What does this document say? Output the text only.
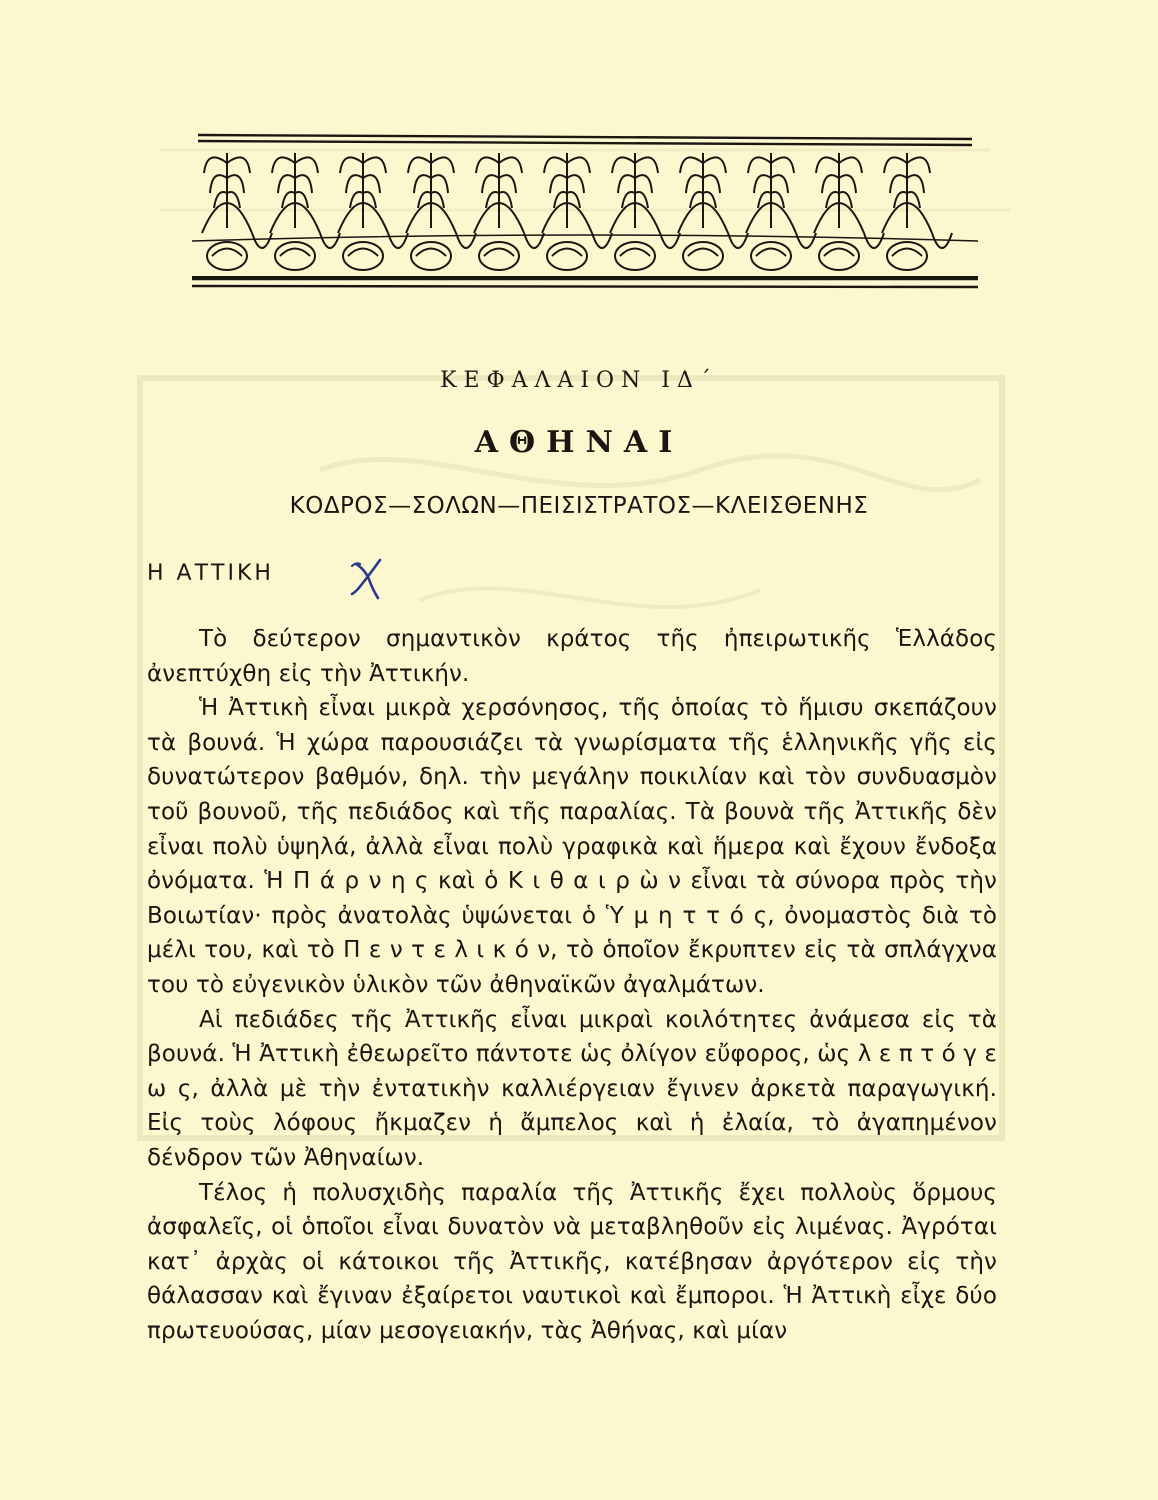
ΚΕΦΑΛΑΙΟΝ ΙΔ΄
ΑΘΗΝΑΙ
ΚΟΔΡΟΣ—ΣΟΛΩΝ—ΠΕΙΣΙΣΤΡΑΤΟΣ—ΚΛΕΙΣΘΕΝΗΣ
Η ΑΤΤΙΚΗ

Τὸ δεύτερον σημαντικὸν κράτος τῆς ἠπειρωτικῆς Ἑλλάδος ἀνεπτύχθη εἰς τὴν Ἀττικήν.

Ἡ Ἀττικὴ εἶναι μικρὰ χερσόνησος, τῆς ὁποίας τὸ ἥμισυ σκεπάζουν τὰ βουνά. Ἡ χώρα παρουσιάζει τὰ γνωρίσματα τῆς ἑλληνικῆς γῆς εἰς δυνατώτερον βαθμόν, δηλ. τὴν μεγάλην ποικιλίαν καὶ τὸν συνδυασμὸν τοῦ βουνοῦ, τῆς πεδιάδος καὶ τῆς παραλίας. Τὰ βουνὰ τῆς Ἀττικῆς δὲν εἶναι πολὺ ὑψηλά, ἀλλὰ εἶναι πολὺ γραφικὰ καὶ ἥμερα καὶ ἔχουν ἔνδοξα ὀνόματα. Ἡ Π ά ρ ν η ς καὶ ὁ Κ ι θ α ι ρ ὼ ν εἶναι τὰ σύνορα πρὸς τὴν Βοιωτίαν· πρὸς ἀνατολὰς ὑψώνεται ὁ Ὑ μ η τ τ ό ς, ὀνομαστὸς διὰ τὸ μέλι του, καὶ τὸ Π ε ν τ ε λ ι κ ό ν, τὸ ὁποῖον ἔκρυπτεν εἰς τὰ σπλάγχνα του τὸ εὐγενικὸν ὑλικὸν τῶν ἀθηναϊκῶν ἀγαλμάτων.

Αἱ πεδιάδες τῆς Ἀττικῆς εἶναι μικραὶ κοιλότητες ἀνάμεσα εἰς τὰ βουνά. Ἡ Ἀττικὴ ἐθεωρεῖτο πάντοτε ὡς ὀλίγον εὔφορος, ὡς λ ε π τ ό γ ε ω ς, ἀλλὰ μὲ τὴν ἐντατικὴν καλλιέργειαν ἔγινεν ἀρκετὰ παραγωγική. Εἰς τοὺς λόφους ἤκμαζεν ἡ ἄμπελος καὶ ἡ ἐλαία, τὸ ἀγαπημένον δένδρον τῶν Ἀθηναίων.

Τέλος ἡ πολυσχιδὴς παραλία τῆς Ἀττικῆς ἔχει πολλοὺς ὅρμους ἀσφαλεῖς, οἱ ὁποῖοι εἶναι δυνατὸν νὰ μεταβληθοῦν εἰς λιμένας. Ἀγρόται κατ᾿ ἀρχὰς οἱ κάτοικοι τῆς Ἀττικῆς, κατέβησαν ἀργότερον εἰς τὴν θάλασσαν καὶ ἔγιναν ἐξαίρετοι ναυτικοὶ καὶ ἔμποροι. Ἡ Ἀττικὴ εἶχε δύο πρωτευούσας, μίαν μεσογειακήν, τὰς Ἀθήνας, καὶ μίαν
